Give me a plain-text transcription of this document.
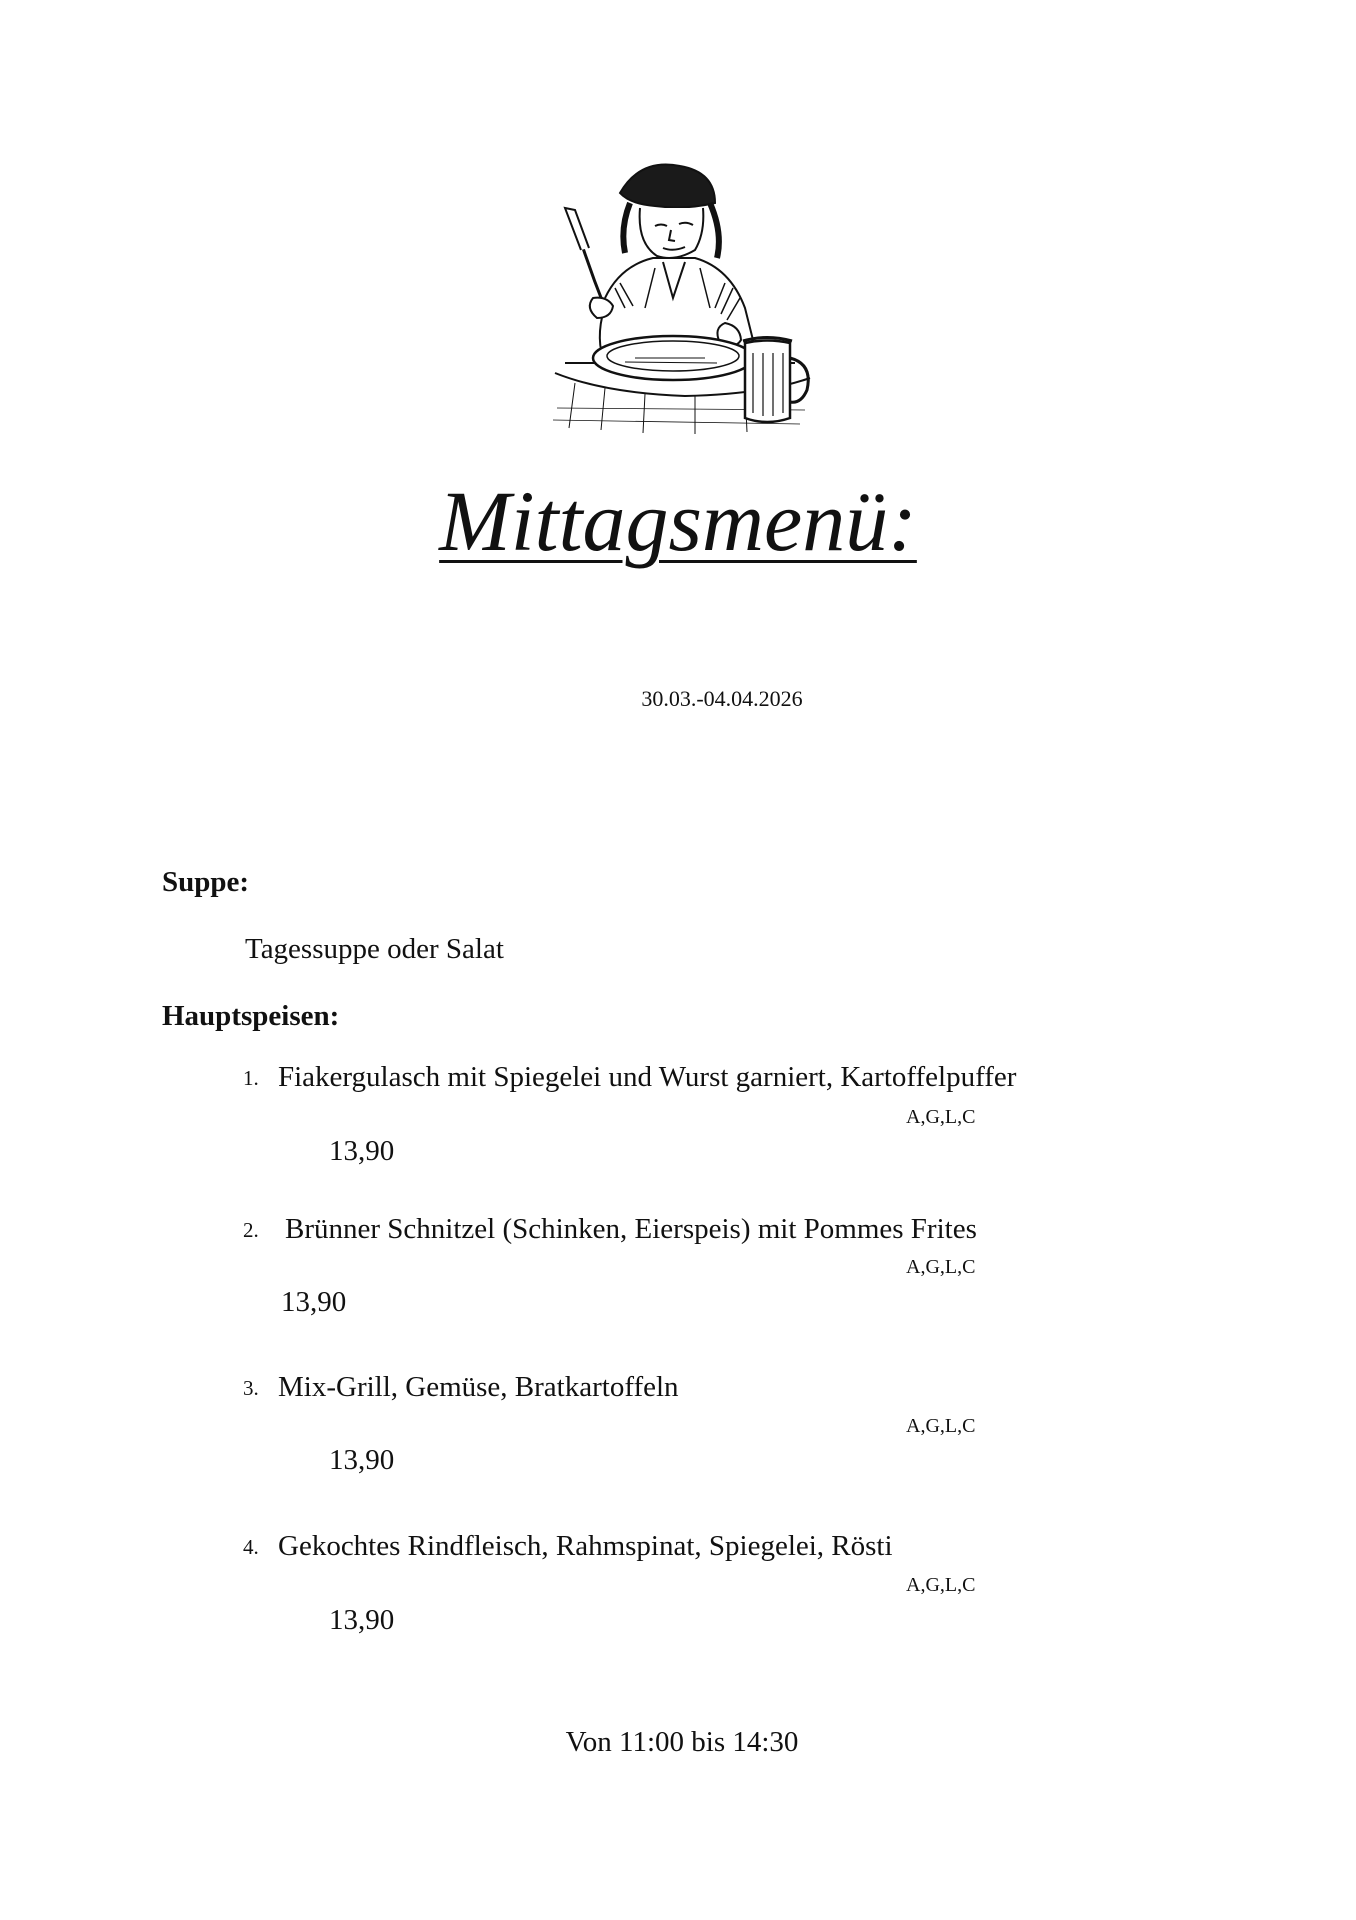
Mittagsmenü:
30.03.-04.04.2026
Suppe:
Tagessuppe oder Salat
Hauptspeisen:
1. Fiakergulasch mit Spiegelei und Wurst garniert, Kartoffelpuffer
A,G,L,C
13,90
2. Brünner Schnitzel (Schinken, Eierspeis) mit Pommes Frites
A,G,L,C
13,90
3. Mix-Grill, Gemüse, Bratkartoffeln
A,G,L,C
13,90
4. Gekochtes Rindfleisch, Rahmspinat, Spiegelei, Rösti
A,G,L,C
13,90
Von 11:00 bis 14:30
